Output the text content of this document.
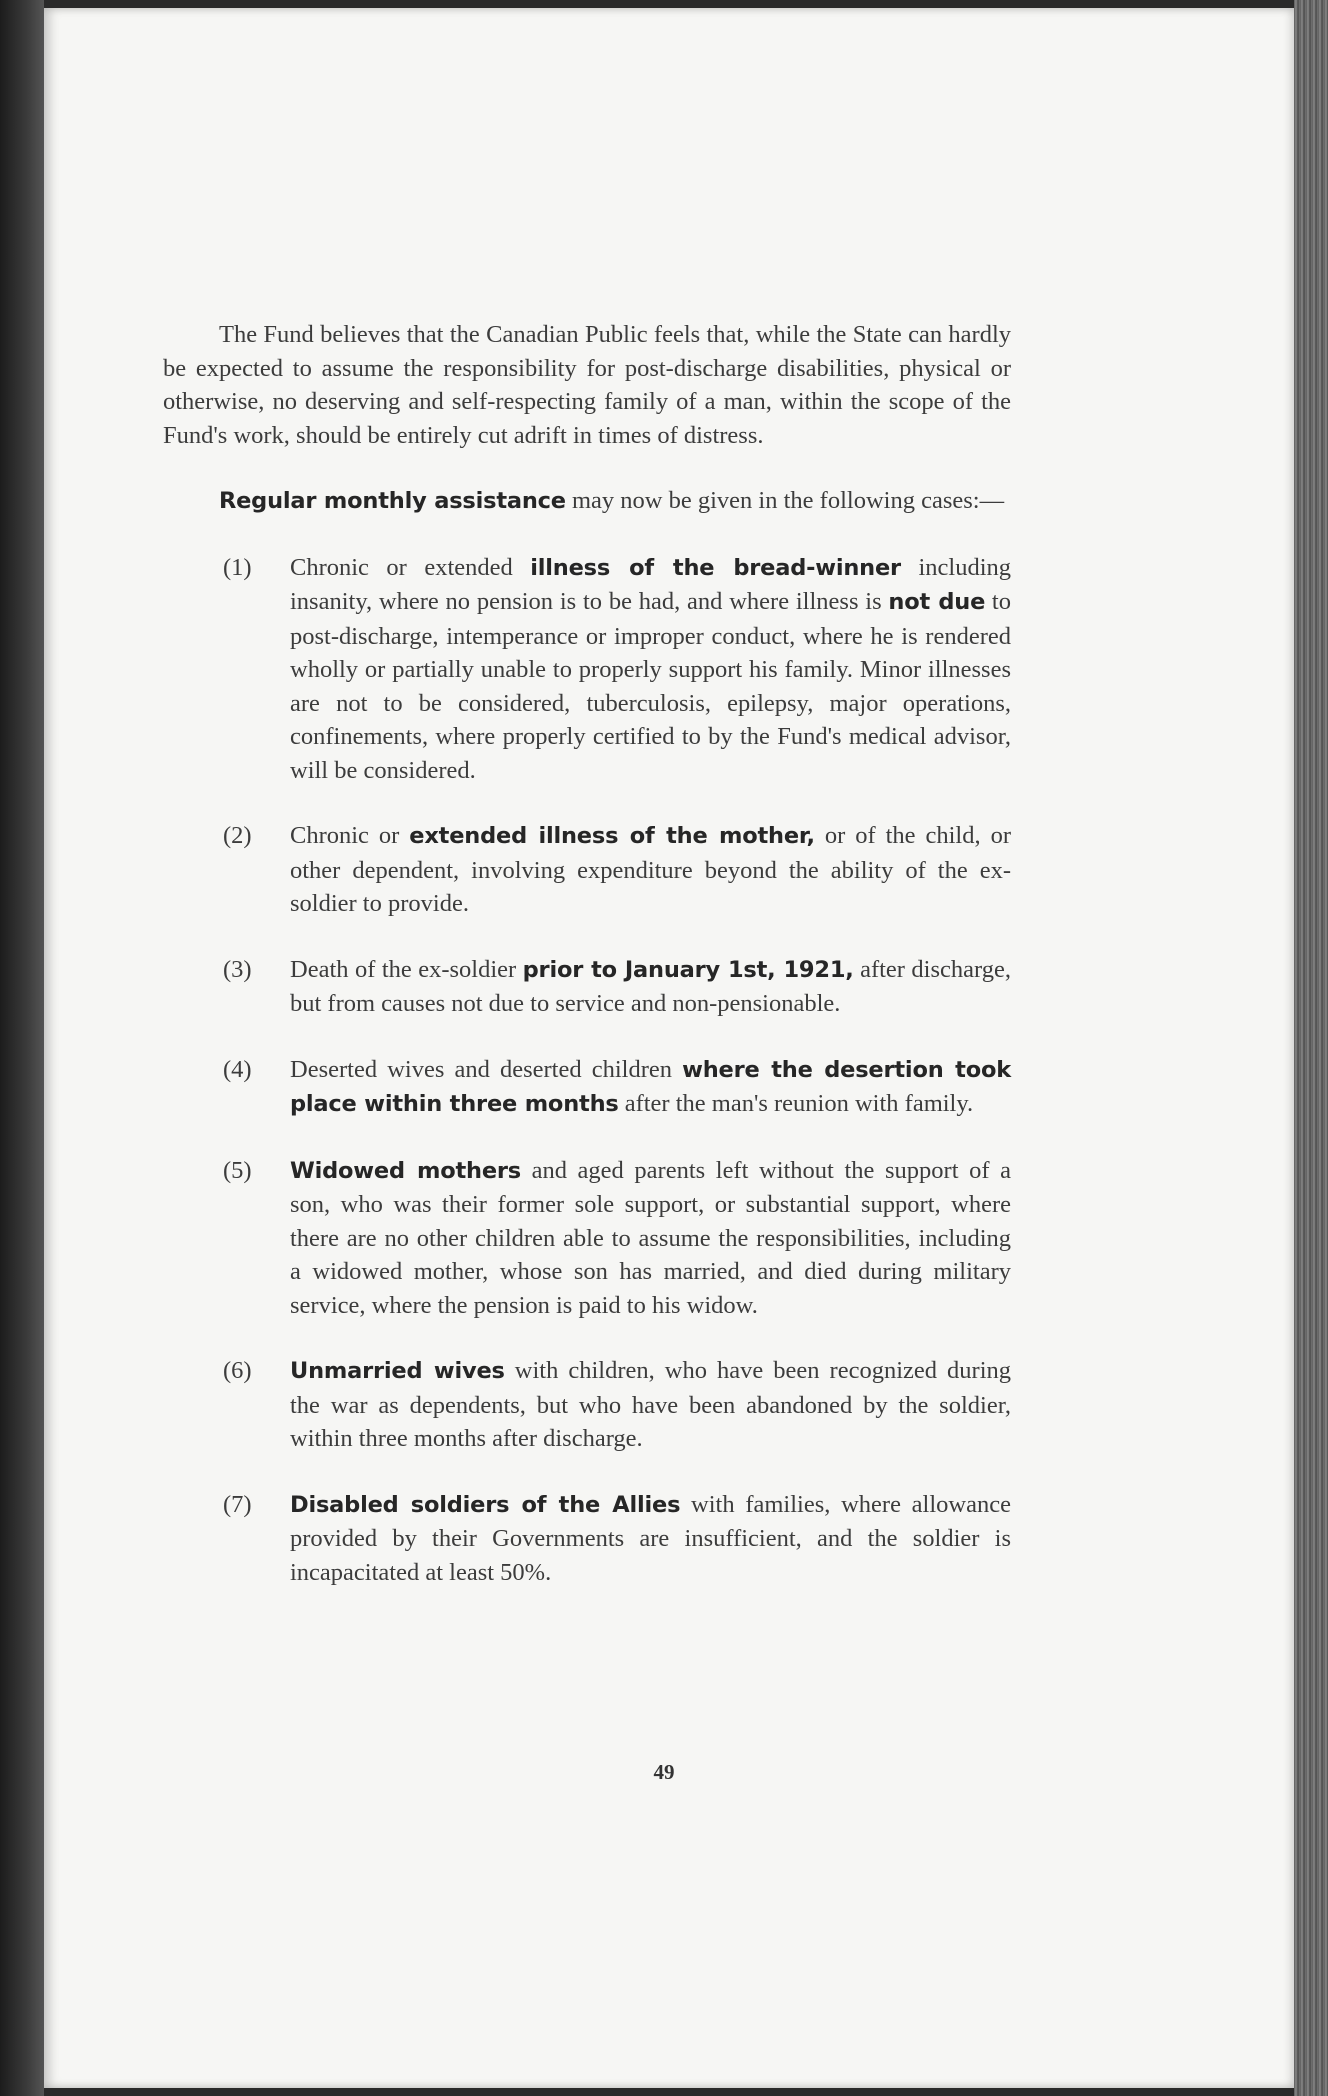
The Fund believes that the Canadian Public feels that, while the State can hardly be expected to assume the responsibility for post-discharge disabilities, physical or otherwise, no deserving and self-respecting family of a man, within the scope of the Fund's work, should be entirely cut adrift in times of distress.

Regular monthly assistance may now be given in the following cases:—

(1) Chronic or extended illness of the bread-winner including insanity, where no pension is to be had, and where illness is not due to post-discharge, intemperance or improper conduct, where he is rendered wholly or partially unable to properly support his family. Minor illnesses are not to be considered, tuberculosis, epilepsy, major operations, confinements, where properly certified to by the Fund's medical advisor, will be considered.
(2) Chronic or extended illness of the mother, or of the child, or other dependent, involving expenditure beyond the ability of the ex-soldier to provide.
(3) Death of the ex-soldier prior to January 1st, 1921, after discharge, but from causes not due to service and non-pensionable.
(4) Deserted wives and deserted children where the desertion took place within three months after the man's reunion with family.
(5) Widowed mothers and aged parents left without the support of a son, who was their former sole support, or substantial support, where there are no other children able to assume the responsibilities, including a widowed mother, whose son has married, and died during military service, where the pension is paid to his widow.
(6) Unmarried wives with children, who have been recognized during the war as dependents, but who have been abandoned by the soldier, within three months after discharge.
(7) Disabled soldiers of the Allies with families, where allowance provided by their Governments are insufficient, and the soldier is incapacitated at least 50%.
49
